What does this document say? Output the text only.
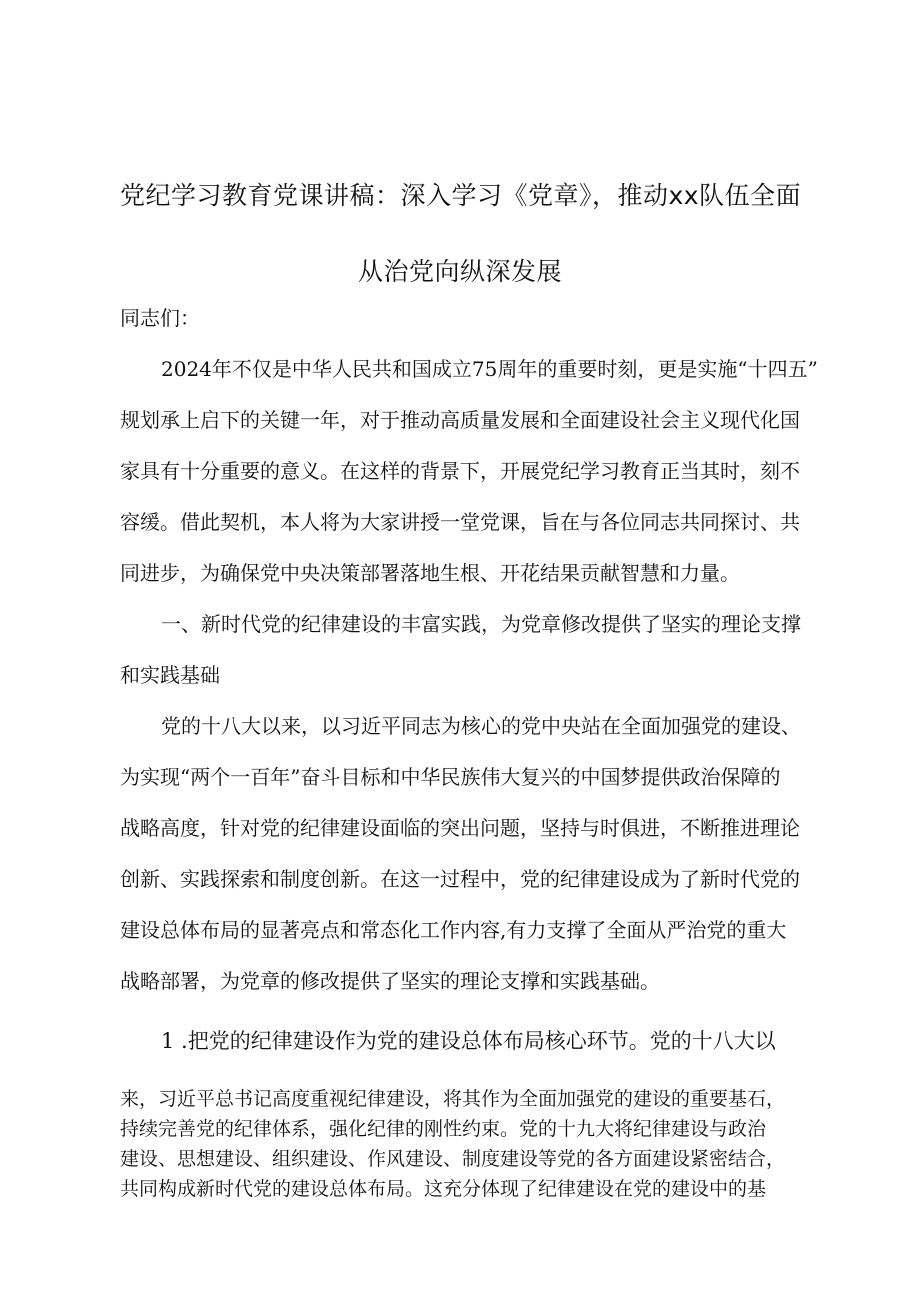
党纪学习教育党课讲稿：深入学习《党章》，推动xx队伍全面
从治党向纵深发展
同志们：
2024年不仅是中华人民共和国成立75周年的重要时刻，更是实施“十四五”
规划承上启下的关键一年，对于推动高质量发展和全面建设社会主义现代化国
家具有十分重要的意义。在这样的背景下，开展党纪学习教育正当其时，刻不
容缓。借此契机，本人将为大家讲授一堂党课，旨在与各位同志共同探讨、共
同进步，为确保党中央决策部署落地生根、开花结果贡献智慧和力量。
一、新时代党的纪律建设的丰富实践，为党章修改提供了坚实的理论支撑
和实践基础
党的十八大以来，以习近平同志为核心的党中央站在全面加强党的建设、
为实现“两个一百年”奋斗目标和中华民族伟大复兴的中国梦提供政治保障的
战略高度，针对党的纪律建设面临的突出问题，坚持与时俱进，不断推进理论
创新、实践探索和制度创新。在这一过程中，党的纪律建设成为了新时代党的
建设总体布局的显著亮点和常态化工作内容,有力支撑了全面从严治党的重大
战略部署，为党章的修改提供了坚实的理论支撑和实践基础。
1 .把党的纪律建设作为党的建设总体布局核心环节。党的十八大以
来，习近平总书记高度重视纪律建设，将其作为全面加强党的建设的重要基石，
持续完善党的纪律体系，强化纪律的刚性约束。党的十九大将纪律建设与政治
建设、思想建设、组织建设、作风建设、制度建设等党的各方面建设紧密结合，
共同构成新时代党的建设总体布局。这充分体现了纪律建设在党的建设中的基
